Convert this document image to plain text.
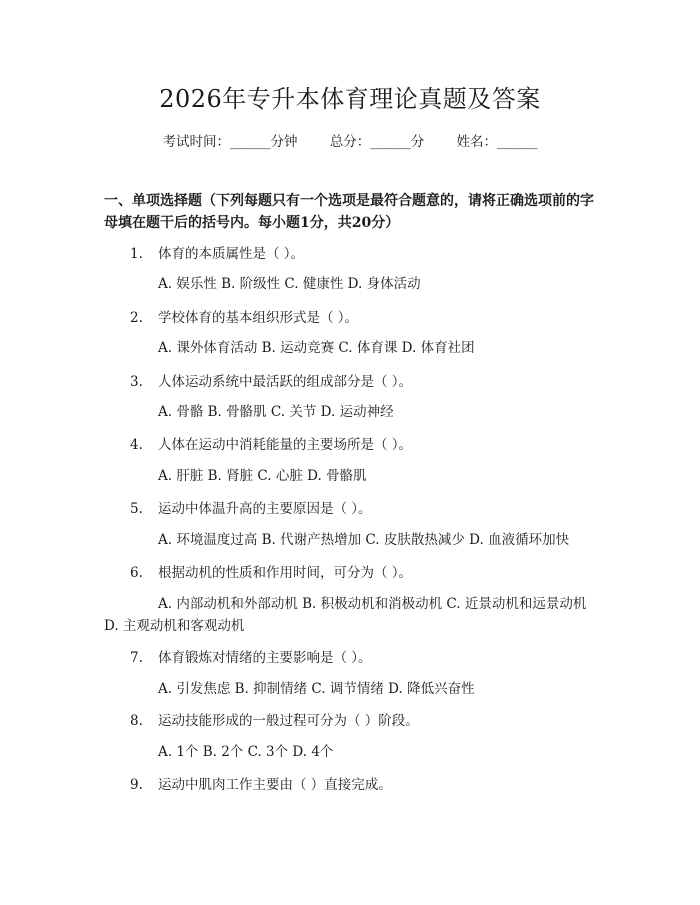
2026年专升本体育理论真题及答案
考试时间：______分钟 总分：______分 姓名：______
一、单项选择题（下列每题只有一个选项是最符合题意的，请将正确选项前的字母填在题干后的括号内。每小题1分，共20分）
1. 体育的本质属性是（ ）。
A. 娱乐性 B. 阶级性 C. 健康性 D. 身体活动
2. 学校体育的基本组织形式是（ ）。
A. 课外体育活动 B. 运动竞赛 C. 体育课 D. 体育社团
3. 人体运动系统中最活跃的组成部分是（ ）。
A. 骨骼 B. 骨骼肌 C. 关节 D. 运动神经
4. 人体在运动中消耗能量的主要场所是（ ）。
A. 肝脏 B. 肾脏 C. 心脏 D. 骨骼肌
5. 运动中体温升高的主要原因是（ ）。
A. 环境温度过高 B. 代谢产热增加 C. 皮肤散热减少 D. 血液循环加快
6. 根据动机的性质和作用时间，可分为（ ）。
A. 内部动机和外部动机 B. 积极动机和消极动机 C. 近景动机和远景动机 D. 主观动机和客观动机
7. 体育锻炼对情绪的主要影响是（ ）。
A. 引发焦虑 B. 抑制情绪 C. 调节情绪 D. 降低兴奋性
8. 运动技能形成的一般过程可分为（ ）阶段。
A. 1个 B. 2个 C. 3个 D. 4个
9. 运动中肌肉工作主要由（ ）直接完成。
